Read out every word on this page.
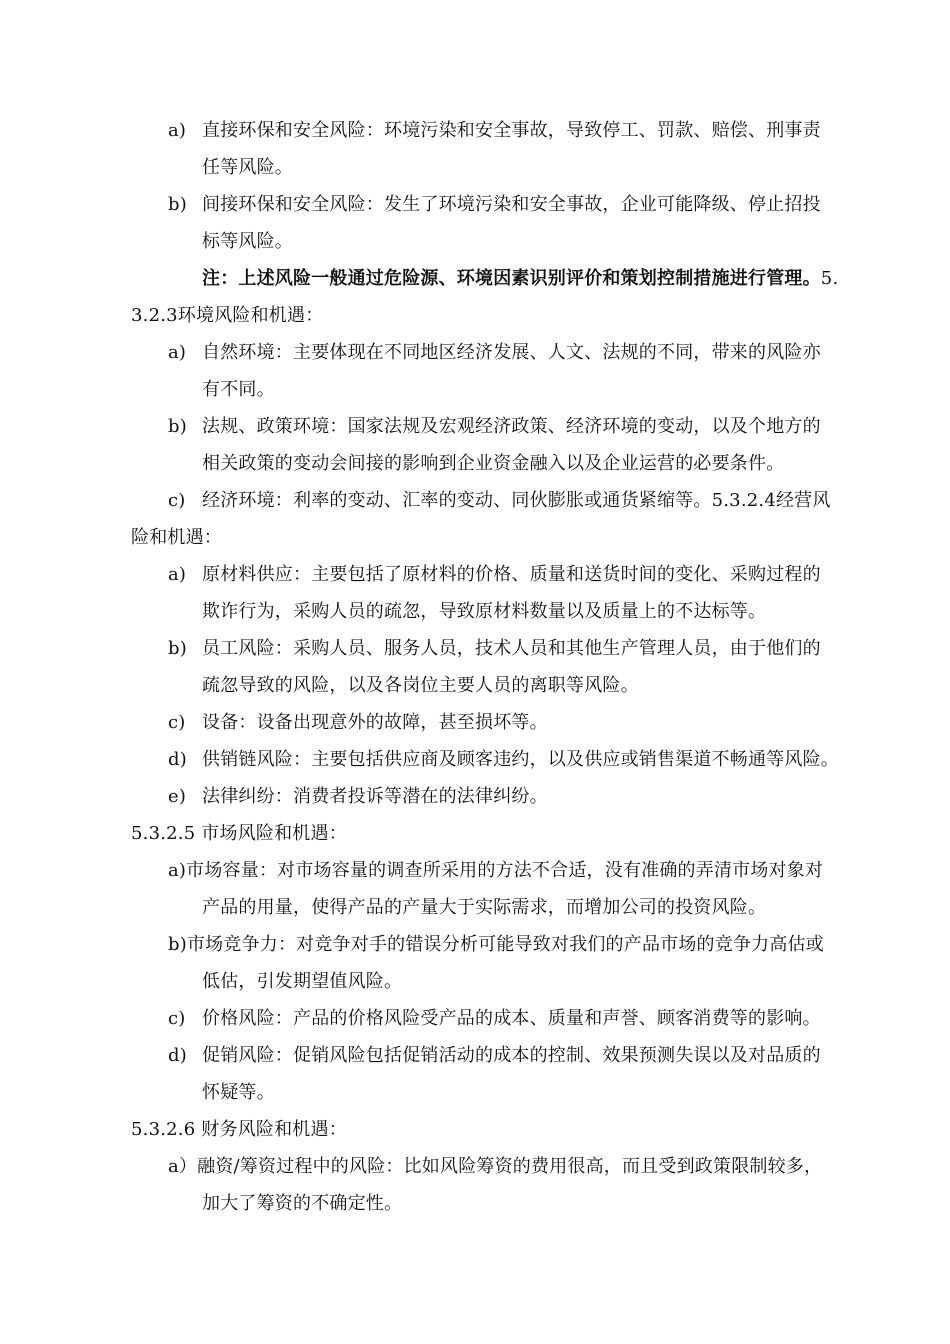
a) 直接环保和安全风险：环境污染和安全事故，导致停工、罚款、赔偿、刑事责
任等风险。
b) 间接环保和安全风险：发生了环境污染和安全事故，企业可能降级、停止招投
标等风险。
注：上述风险一般通过危险源、环境因素识别评价和策划控制措施进行管理。5.
3.2.3环境风险和机遇：
a) 自然环境：主要体现在不同地区经济发展、人文、法规的不同，带来的风险亦
有不同。
b) 法规、政策环境：国家法规及宏观经济政策、经济环境的变动，以及个地方的
相关政策的变动会间接的影响到企业资金融入以及企业运营的必要条件。
c) 经济环境：利率的变动、汇率的变动、同伙膨胀或通货紧缩等。5.3.2.4经营风
险和机遇：
a) 原材料供应：主要包括了原材料的价格、质量和送货时间的变化、采购过程的
欺诈行为，采购人员的疏忽，导致原材料数量以及质量上的不达标等。
b) 员工风险：采购人员、服务人员，技术人员和其他生产管理人员，由于他们的
疏忽导致的风险，以及各岗位主要人员的离职等风险。
c) 设备：设备出现意外的故障，甚至损坏等。
d) 供销链风险：主要包括供应商及顾客违约，以及供应或销售渠道不畅通等风险。
e) 法律纠纷：消费者投诉等潜在的法律纠纷。
5.3.2.5 市场风险和机遇：
a)市场容量：对市场容量的调查所采用的方法不合适，没有准确的弄清市场对象对
产品的用量，使得产品的产量大于实际需求，而增加公司的投资风险。
b)市场竞争力：对竞争对手的错误分析可能导致对我们的产品市场的竞争力高估或
低估，引发期望值风险。
c) 价格风险：产品的价格风险受产品的成本、质量和声誉、顾客消费等的影响。
d) 促销风险：促销风险包括促销活动的成本的控制、效果预测失误以及对品质的
怀疑等。
5.3.2.6 财务风险和机遇：
a）融资/筹资过程中的风险：比如风险筹资的费用很高，而且受到政策限制较多，
加大了筹资的不确定性。
